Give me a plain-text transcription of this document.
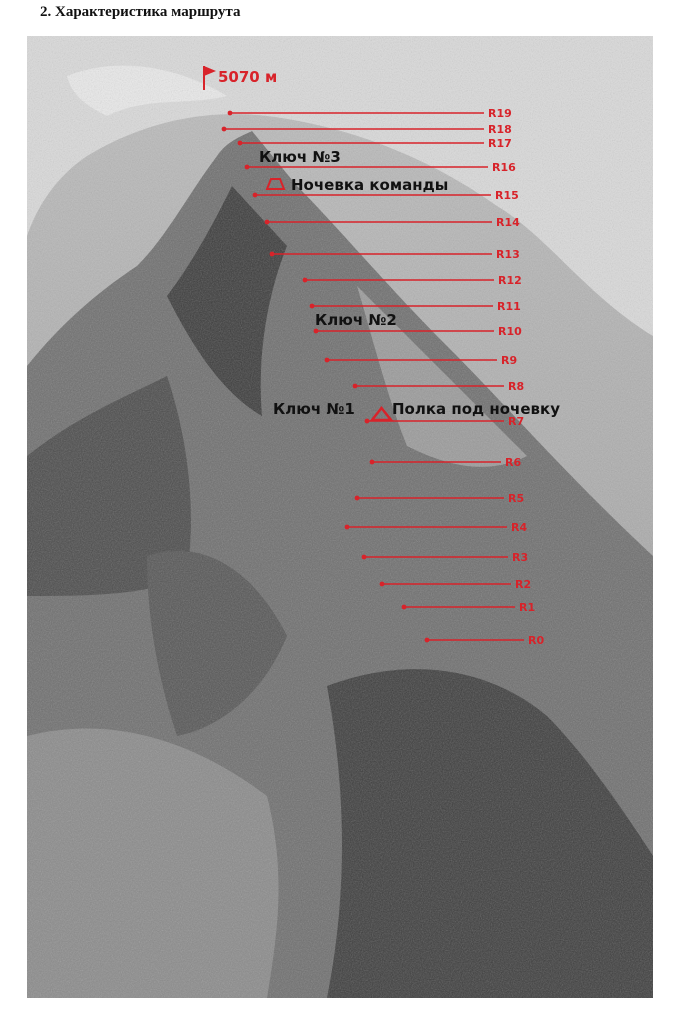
2. Характеристика маршрута
5070 м
R19
R18
R17
R16
R15
R14
R13
R12
R11
R10
R9
R8
R7
R6
R5
R4
R3
R2
R1
R0
Ключ №3
Ночевка команды
Ключ №2
Ключ №1 Полка под ночевку
